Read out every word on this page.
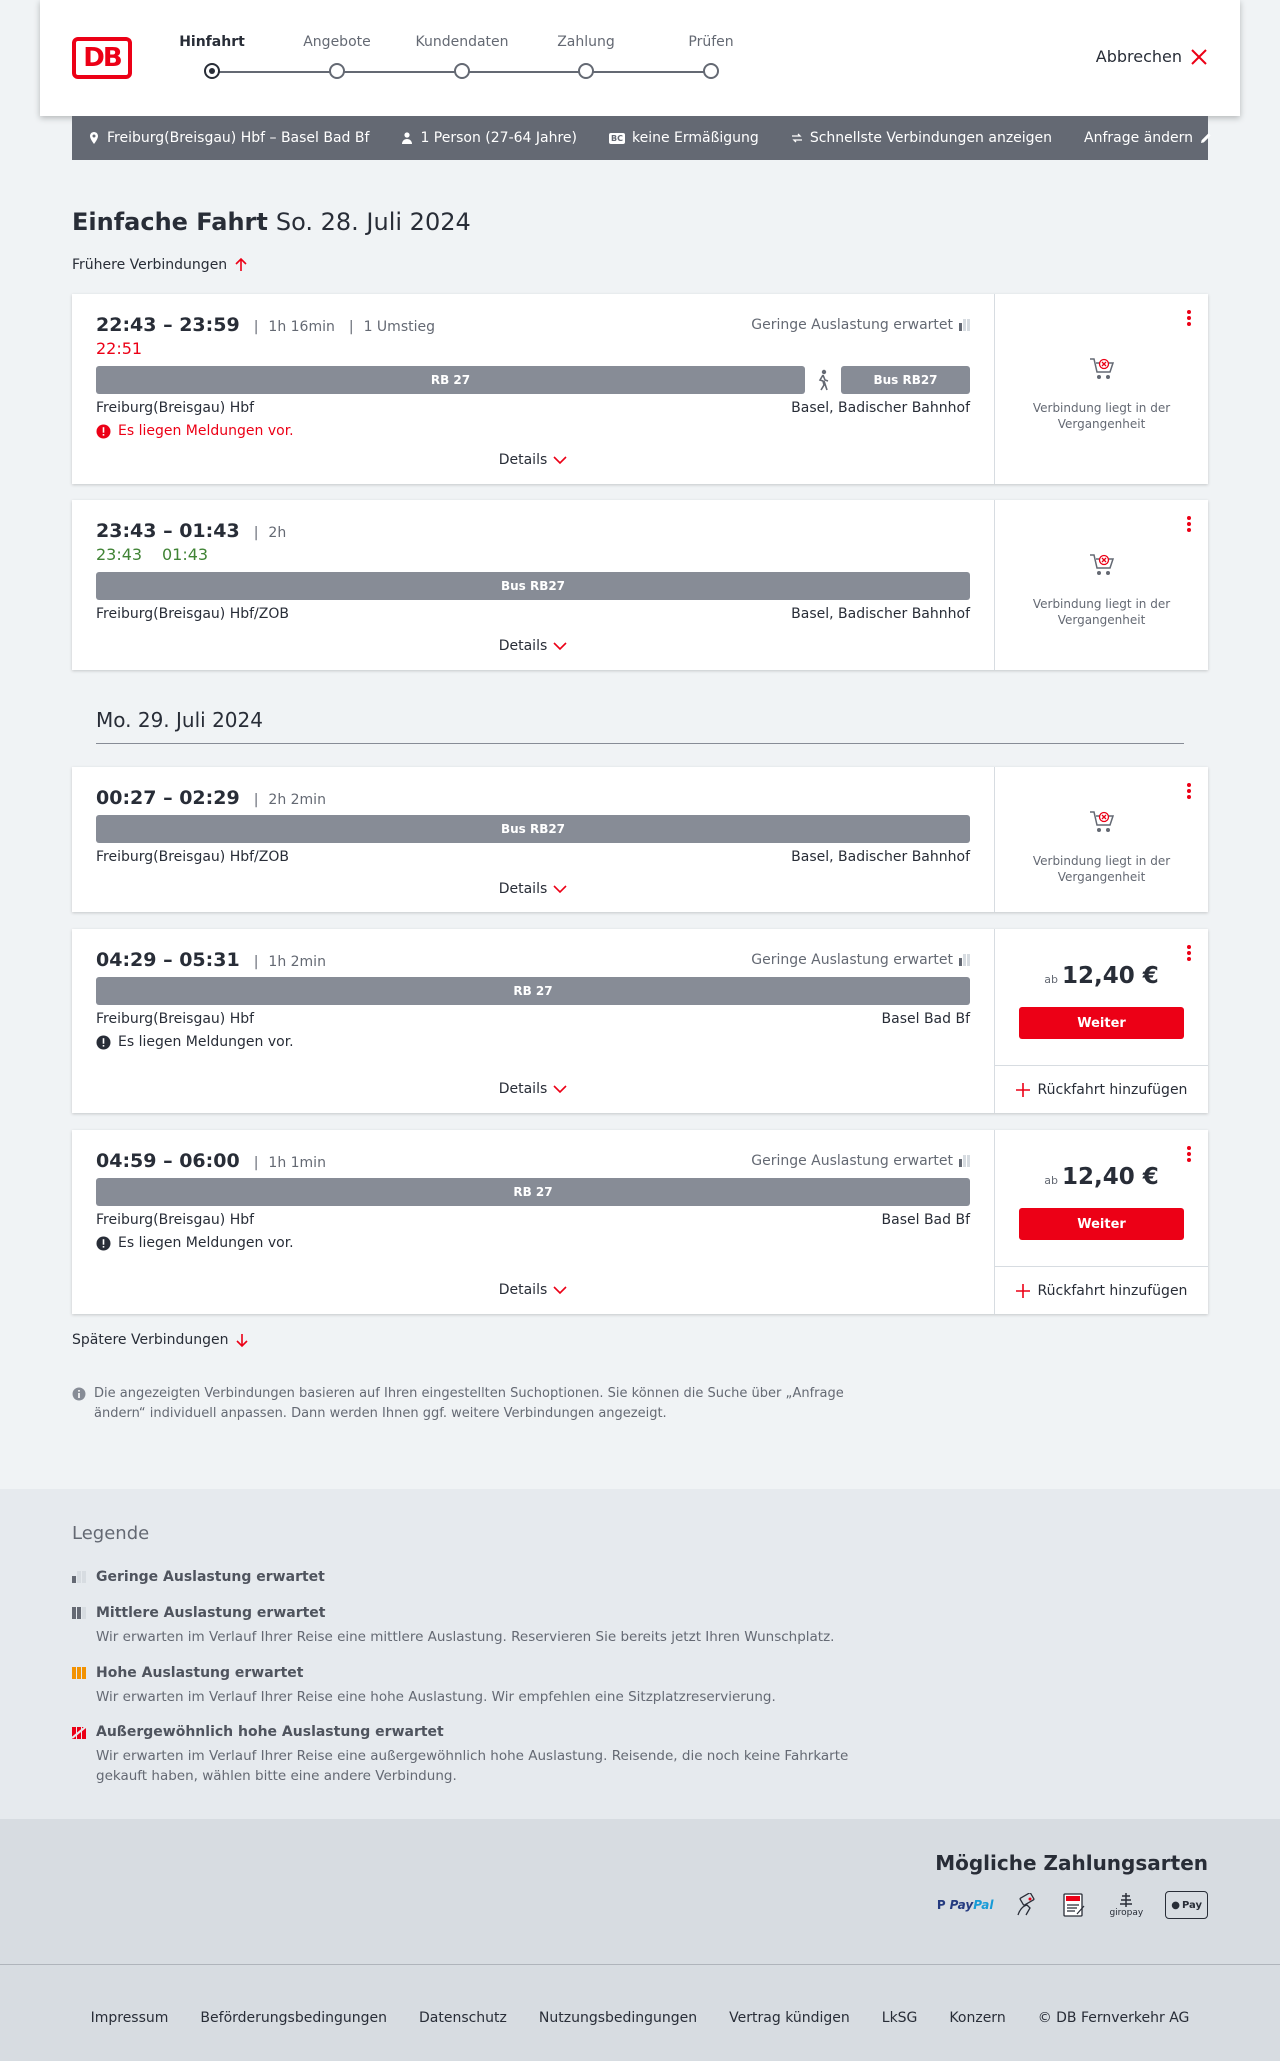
DB
Hinfahrt	Angebote	Kundendaten	Zahlung	Prüfen
Abbrechen
Freiburg(Breisgau) Hbf – Basel Bad Bf	1 Person (27-64 Jahre)	BC keine Ermäßigung	Schnellste Verbindungen anzeigen Anfrage ändern
Einfache Fahrt So. 28. Juli 2024
Frühere Verbindungen
22:43 – 23:59 | 1h 16min | 1 Umstieg	Geringe Auslastung erwartet
22:51
RB 27	Bus RB27
Freiburg(Breisgau) Hbf	Basel, Badischer Bahnhof
Es liegen Meldungen vor.
Details
Verbindung liegt in der Vergangenheit
23:43 – 01:43 | 2h
23:43 01:43
Bus RB27
Freiburg(Breisgau) Hbf/ZOB	Basel, Badischer Bahnhof
Details
Verbindung liegt in der Vergangenheit
Mo. 29. Juli 2024
00:27 – 02:29 | 2h 2min
Bus RB27
Freiburg(Breisgau) Hbf/ZOB	Basel, Badischer Bahnhof
Details
Verbindung liegt in der Vergangenheit
04:29 – 05:31 | 1h 2min	Geringe Auslastung erwartet
RB 27
Freiburg(Breisgau) Hbf	Basel Bad Bf
Es liegen Meldungen vor.
Details
ab 12,40 €
Weiter
Rückfahrt hinzufügen
04:59 – 06:00 | 1h 1min	Geringe Auslastung erwartet
RB 27
Freiburg(Breisgau) Hbf	Basel Bad Bf
Es liegen Meldungen vor.
Details
ab 12,40 €
Weiter
Rückfahrt hinzufügen
Spätere Verbindungen
Die angezeigten Verbindungen basieren auf Ihren eingestellten Suchoptionen. Sie können die Suche über „Anfrage ändern“ individuell anpassen. Dann werden Ihnen ggf. weitere Verbindungen angezeigt.
Legende
Geringe Auslastung erwartet
Mittlere Auslastung erwartet
Wir erwarten im Verlauf Ihrer Reise eine mittlere Auslastung. Reservieren Sie bereits jetzt Ihren Wunschplatz.
Hohe Auslastung erwartet
Wir erwarten im Verlauf Ihrer Reise eine hohe Auslastung. Wir empfehlen eine Sitzplatzreservierung.
Außergewöhnlich hohe Auslastung erwartet
Wir erwarten im Verlauf Ihrer Reise eine außergewöhnlich hohe Auslastung. Reisende, die noch keine Fahrkarte gekauft haben, wählen bitte eine andere Verbindung.
Mögliche Zahlungsarten
P Pay Pal
giropay
● Pay
Impressum Beförderungsbedingungen Datenschutz Nutzungsbedingungen Vertrag kündigen LkSG Konzern © DB Fernverkehr AG
